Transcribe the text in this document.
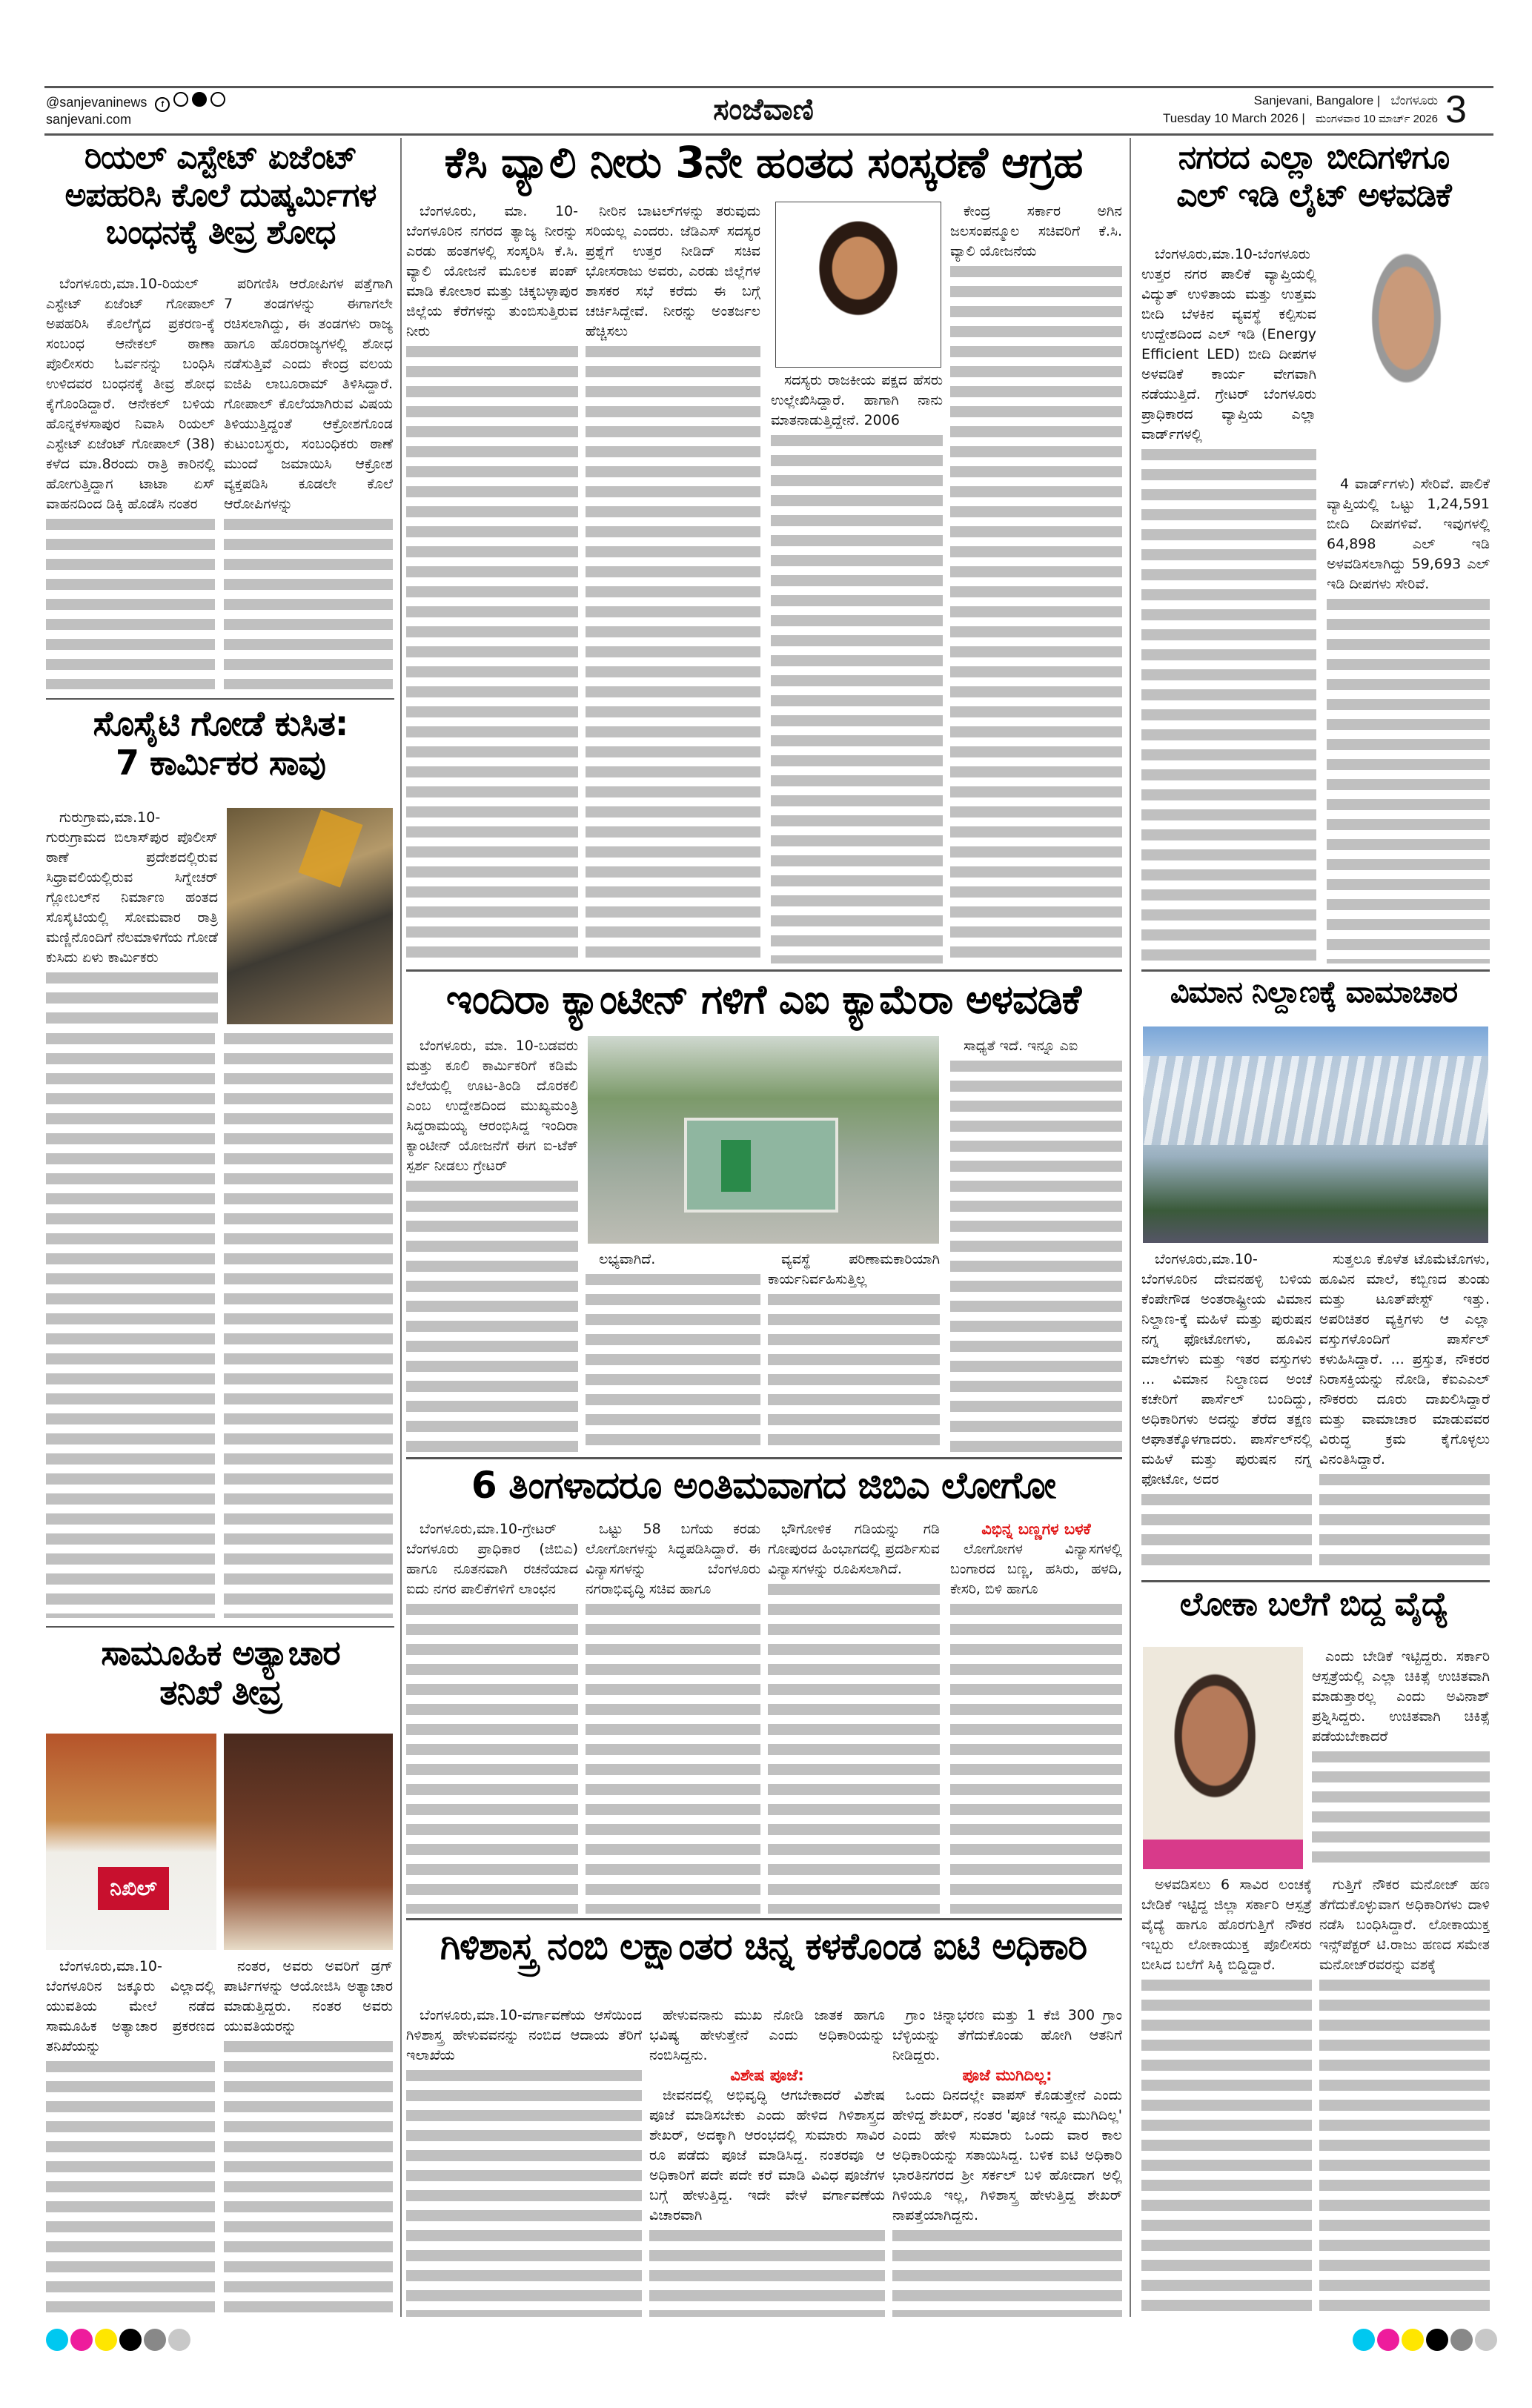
@sanjevaninews f
sanjevani.com	ಸಂಜೆವಾಣಿ	Sanjevani, Bangalore | ಬೆಂಗಳೂರು
Tuesday 10 March 2026 | ಮಂಗಳವಾರ 10 ಮಾರ್ಚ್ 2026 3
ರಿಯಲ್ ಎಸ್ಟೇಟ್ ಏಜೆಂಟ್
ಅಪಹರಿಸಿ ಕೊಲೆ ದುಷ್ಕರ್ಮಿಗಳ
ಬಂಧನಕ್ಕೆ ತೀವ್ರ ಶೋಧ

ಬೆಂಗಳೂರು,ಮಾ.10-ರಿಯಲ್ ಎಸ್ಟೇಟ್ ಏಜೆಂಟ್ ಗೋಪಾಲ್ ಅಪಹರಿಸಿ ಕೊಲೆಗೈದ ಪ್ರಕರಣ-ಕ್ಕೆ ಸಂಬಂಧ ಆನೇಕಲ್ ಠಾಣಾ ಪೊಲೀಸರು ಓರ್ವನನ್ನು ಬಂಧಿಸಿ ಉಳಿದವರ ಬಂಧನಕ್ಕೆ ತೀವ್ರ ಶೋಧ ಕೈಗೊಂಡಿದ್ದಾರೆ. ಆನೇಕಲ್ ಬಳಿಯ ಹೊನ್ನಕಳಸಾಪುರ ನಿವಾಸಿ ರಿಯಲ್ ಎಸ್ಟೇಟ್ ಏಜೆಂಟ್ ಗೋಪಾಲ್ (38) ಕಳೆದ ಮಾ.8ರಂದು ರಾತ್ರಿ ಕಾರಿನಲ್ಲಿ ಹೋಗುತ್ತಿದ್ದಾಗ ಟಾಟಾ ಏಸ್ ವಾಹನದಿಂದ ಡಿಕ್ಕಿ ಹೊಡೆಸಿ ನಂತರ

ಪರಿಗಣಿಸಿ ಆರೋಪಿಗಳ ಪತ್ತೆಗಾಗಿ 7 ತಂಡಗಳನ್ನು ಈಗಾಗಲೇ ರಚಿಸಲಾಗಿದ್ದು, ಈ ತಂಡಗಳು ರಾಜ್ಯ ಹಾಗೂ ಹೊರರಾಜ್ಯಗಳಲ್ಲಿ ಶೋಧ ನಡೆಸುತ್ತಿವೆ ಎಂದು ಕೇಂದ್ರ ವಲಯ ಐಜಿಪಿ ಲಾಬೂರಾಮ್ ತಿಳಿಸಿದ್ದಾರೆ. ಗೋಪಾಲ್ ಕೊಲೆಯಾಗಿರುವ ವಿಷಯ ತಿಳಿಯುತ್ತಿದ್ದಂತೆ ಆಕ್ರೋಶಗೊಂಡ ಕುಟುಂಬಸ್ಥರು, ಸಂಬಂಧಿಕರು ಠಾಣೆ ಮುಂದೆ ಜಮಾಯಿಸಿ ಆಕ್ರೋಶ ವ್ಯಕ್ತಪಡಿಸಿ ಕೂಡಲೇ ಕೊಲೆ ಆರೋಪಿಗಳನ್ನು

ಸೊಸೈಟಿ ಗೋಡೆ ಕುಸಿತ:
7 ಕಾರ್ಮಿಕರ ಸಾವು

ಗುರುಗ್ರಾಮ,ಮಾ.10-ಗುರುಗ್ರಾಮದ ಬಿಲಾಸ್‌ಪುರ ಪೊಲೀಸ್ ಠಾಣೆ ಪ್ರದೇಶದಲ್ಲಿರುವ ಸಿಧ್ರಾವಲಿಯಲ್ಲಿರುವ ಸಿಗ್ನೇಚರ್ ಗ್ಲೋಬಲ್‌ನ ನಿರ್ಮಾಣ ಹಂತದ ಸೊಸೈಟಿಯಲ್ಲಿ ಸೋಮವಾರ ರಾತ್ರಿ ಮಣ್ಣಿನೊಂದಿಗೆ ನೆಲಮಾಳಿಗೆಯ ಗೋಡೆ ಕುಸಿದು ಏಳು ಕಾರ್ಮಿಕರು

ಸಾಮೂಹಿಕ ಅತ್ಯಾಚಾರ
ತನಿಖೆ ತೀವ್ರ
ನಿಖಿಲ್

ಬೆಂಗಳೂರು,ಮಾ.10-ಬೆಂಗಳೂರಿನ ಜಕ್ಕೂರು ವಿಲ್ಲಾದಲ್ಲಿ ಯುವತಿಯ ಮೇಲೆ ನಡೆದ ಸಾಮೂಹಿಕ ಅತ್ಯಾಚಾರ ಪ್ರಕರಣದ ತನಿಖೆಯನ್ನು

ನಂತರ, ಅವರು ಅವರಿಗೆ ಡ್ರಗ್ ಪಾರ್ಟಿಗಳನ್ನು ಆಯೋಜಿಸಿ ಅತ್ಯಾಚಾರ ಮಾಡುತ್ತಿದ್ದರು. ನಂತರ ಅವರು ಯುವತಿಯರನ್ನು

ಕೆಸಿ ವ್ಯಾಲಿ ನೀರು 3ನೇ ಹಂತದ ಸಂಸ್ಕರಣೆ ಆಗ್ರಹ

ಬೆಂಗಳೂರು, ಮಾ. 10- ಬೆಂಗಳೂರಿನ ನಗರದ ತ್ಯಾಜ್ಯ ನೀರನ್ನು ಎರಡು ಹಂತಗಳಲ್ಲಿ ಸಂಸ್ಕರಿಸಿ ಕೆ.ಸಿ. ವ್ಯಾಲಿ ಯೋಜನೆ ಮೂಲಕ ಪಂಪ್ ಮಾಡಿ ಕೋಲಾರ ಮತ್ತು ಚಿಕ್ಕಬಳ್ಳಾಪುರ ಜಿಲ್ಲೆಯ ಕೆರೆಗಳನ್ನು ತುಂಬಿಸುತ್ತಿರುವ ನೀರು

ನೀರಿನ ಬಾಟಲ್‌ಗಳನ್ನು ತರುವುದು ಸರಿಯಲ್ಲ ಎಂದರು. ಜೆಡಿಎಸ್ ಸದಸ್ಯರ ಪ್ರಶ್ನೆಗೆ ಉತ್ತರ ನೀಡಿದ್ ಸಚಿವ ಭೋಸರಾಜು ಅವರು, ಎರಡು ಜಿಲ್ಲೆಗಳ ಶಾಸಕರ ಸಭೆ ಕರೆದು ಈ ಬಗ್ಗೆ ಚರ್ಚಿಸಿದ್ದೇವೆ. ನೀರನ್ನು ಅಂತರ್ಜಲ ಹೆಚ್ಚಿಸಲು

ಸದಸ್ಯರು ರಾಜಕೀಯ ಪಕ್ಷದ ಹೆಸರು ಉಲ್ಲೇಖಿಸಿದ್ದಾರೆ. ಹಾಗಾಗಿ ನಾನು ಮಾತನಾಡುತ್ತಿದ್ದೇನೆ. 2006

ಕೇಂದ್ರ ಸರ್ಕಾರ ಅಗಿನ ಜಲಸಂಪನ್ಮೂಲ ಸಚಿವರಿಗೆ ಕೆ.ಸಿ. ವ್ಯಾಲಿ ಯೋಜನೆಯ

ಇಂದಿರಾ ಕ್ಯಾಂಟೀನ್ ಗಳಿಗೆ ಎಐ ಕ್ಯಾಮೆರಾ ಅಳವಡಿಕೆ

ಬೆಂಗಳೂರು, ಮಾ. 10-ಬಡವರು ಮತ್ತು ಕೂಲಿ ಕಾರ್ಮಿಕರಿಗೆ ಕಡಿಮೆ ಬೆಲೆಯಲ್ಲಿ ಊಟ-ತಿಂಡಿ ದೊರಕಲಿ ಎಂಬ ಉದ್ದೇಶದಿಂದ ಮುಖ್ಯಮಂತ್ರಿ ಸಿದ್ದರಾಮಯ್ಯ ಆರಂಭಿಸಿದ್ದ ಇಂದಿರಾ ಕ್ಯಾಂಟೀನ್ ಯೋಜನೆಗೆ ಈಗ ಐ-ಟೆಕ್ ಸ್ಪರ್ಶ ನೀಡಲು ಗ್ರೇಟರ್

ಲಭ್ಯವಾಗಿದೆ.	ವ್ಯವಸ್ಥೆ ಪರಿಣಾಮಕಾರಿಯಾಗಿ ಕಾರ್ಯನಿರ್ವಹಿಸುತ್ತಿಲ್ಲ

ಸಾಧ್ಯತೆ ಇದೆ. ಇನ್ನೂ ಎಐ

6 ತಿಂಗಳಾದರೂ ಅಂತಿಮವಾಗದ ಜಿಬಿಎ ಲೋಗೋ

ಬೆಂಗಳೂರು,ಮಾ.10-ಗ್ರೇಟರ್ ಬೆಂಗಳೂರು ಪ್ರಾಧಿಕಾರ (ಜಿಬಿಎ) ಹಾಗೂ ನೂತನವಾಗಿ ರಚನೆಯಾದ ಐದು ನಗರ ಪಾಲಿಕೆಗಳಿಗೆ ಲಾಂಛನ

ಒಟ್ಟು 58 ಬಗೆಯ ಕರಡು ಲೋಗೋಗಳನ್ನು ಸಿದ್ಧಪಡಿಸಿದ್ದಾರೆ. ಈ ವಿನ್ಯಾಸಗಳನ್ನು ಬೆಂಗಳೂರು ನಗರಾಭಿವೃದ್ಧಿ ಸಚಿವ ಹಾಗೂ

ಭೌಗೋಳಿಕ ಗಡಿಯನ್ನು ಗಡಿ ಗೋಪುರದ ಹಿಂಭಾಗದಲ್ಲಿ ಪ್ರದರ್ಶಿಸುವ ವಿನ್ಯಾಸಗಳನ್ನು ರೂಪಿಸಲಾಗಿದೆ.

ವಿಭಿನ್ನ ಬಣ್ಣಗಳ ಬಳಕೆ

ಲೋಗೋಗಳ ವಿನ್ಯಾಸಗಳಲ್ಲಿ ಬಂಗಾರದ ಬಣ್ಣ, ಹಸಿರು, ಹಳದಿ, ಕೇಸರಿ, ಬಿಳಿ ಹಾಗೂ

ಗಿಳಿಶಾಸ್ತ್ರ ನಂಬಿ ಲಕ್ಷಾಂತರ ಚಿನ್ನ ಕಳಕೊಂಡ ಐಟಿ ಅಧಿಕಾರಿ

ಬೆಂಗಳೂರು,ಮಾ.10-ವರ್ಗಾವಣೆಯ ಆಸೆಯಿಂದ ಗಿಳಿಶಾಸ್ತ್ರ ಹೇಳುವವನನ್ನು ನಂಬಿದ ಆದಾಯ ತೆರಿಗೆ ಇಲಾಖೆಯ

ಹೇಳುವನಾನು ಮುಖ ನೋಡಿ ಜಾತಕ ಹಾಗೂ ಭವಿಷ್ಯ ಹೇಳುತ್ತೇನೆ ಎಂದು ಅಧಿಕಾರಿಯನ್ನು ನಂಬಿಸಿದ್ದನು.

ವಿಶೇಷ ಪೂಜೆ:

ಜೀವನದಲ್ಲಿ ಅಭಿವೃದ್ಧಿ ಆಗಬೇಕಾದರೆ ವಿಶೇಷ ಪೂಜೆ ಮಾಡಿಸಬೇಕು ಎಂದು ಹೇಳಿದ ಗಿಳಿಶಾಸ್ತ್ರದ ಶೇಖರ್, ಅದಕ್ಕಾಗಿ ಆರಂಭದಲ್ಲಿ ಸುಮಾರು ಸಾವಿರ ರೂ ಪಡೆದು ಪೂಜೆ ಮಾಡಿಸಿದ್ದ. ನಂತರವೂ ಆ ಅಧಿಕಾರಿಗೆ ಪದೇ ಪದೇ ಕರೆ ಮಾಡಿ ವಿವಿಧ ಪೂಜೆಗಳ ಬಗ್ಗೆ ಹೇಳುತ್ತಿದ್ದ. ಇದೇ ವೇಳೆ ವರ್ಗಾವಣೆಯ ವಿಚಾರವಾಗಿ

ಗ್ರಾಂ ಚಿನ್ನಾಭರಣ ಮತ್ತು 1 ಕೆಜಿ 300 ಗ್ರಾಂ ಬೆಳ್ಳಿಯನ್ನು ತೆಗೆದುಕೊಂಡು ಹೋಗಿ ಆತನಿಗೆ ನೀಡಿದ್ದರು.

ಪೂಜೆ ಮುಗಿದಿಲ್ಲ:

ಒಂದು ದಿನದಲ್ಲೇ ವಾಪಸ್ ಕೊಡುತ್ತೇನೆ ಎಂದು ಹೇಳಿದ್ದ ಶೇಖರ್, ನಂತರ 'ಪೂಜೆ ಇನ್ನೂ ಮುಗಿದಿಲ್ಲ' ಎಂದು ಹೇಳಿ ಸುಮಾರು ಒಂದು ವಾರ ಕಾಲ ಅಧಿಕಾರಿಯನ್ನು ಸತಾಯಿಸಿದ್ದ. ಬಳಿಕ ಐಟಿ ಅಧಿಕಾರಿ ಭಾರತಿನಗರದ ಶ್ರೀ ಸರ್ಕಲ್ ಬಳಿ ಹೋದಾಗ ಅಲ್ಲಿ ಗಿಳಿಯೂ ಇಲ್ಲ, ಗಿಳಿಶಾಸ್ತ್ರ ಹೇಳುತ್ತಿದ್ದ ಶೇಖರ್ ನಾಪತ್ತೆಯಾಗಿದ್ದನು.

ನಗರದ ಎಲ್ಲಾ ಬೀದಿಗಳಿಗೂ
ಎಲ್ ಇಡಿ ಲೈಟ್ ಅಳವಡಿಕೆ

ಬೆಂಗಳೂರು,ಮಾ.10-ಬೆಂಗಳೂರು ಉತ್ತರ ನಗರ ಪಾಲಿಕೆ ವ್ಯಾಪ್ತಿಯಲ್ಲಿ ವಿದ್ಯುತ್ ಉಳಿತಾಯ ಮತ್ತು ಉತ್ತಮ ಬೀದಿ ಬೆಳಕಿನ ವ್ಯವಸ್ಥೆ ಕಲ್ಪಿಸುವ ಉದ್ದೇಶದಿಂದ ಎಲ್ ಇಡಿ (Energy Efficient LED) ಬೀದಿ ದೀಪಗಳ ಅಳವಡಿಕೆ ಕಾರ್ಯ ವೇಗವಾಗಿ ನಡೆಯುತ್ತಿದೆ. ಗ್ರೇಟರ್ ಬೆಂಗಳೂರು ಪ್ರಾಧಿಕಾರದ ವ್ಯಾಪ್ತಿಯ ಎಲ್ಲಾ ವಾರ್ಡ್‌ಗಳಲ್ಲಿ

4 ವಾರ್ಡ್‌ಗಳು) ಸೇರಿವೆ. ಪಾಲಿಕೆ ವ್ಯಾಪ್ತಿಯಲ್ಲಿ ಒಟ್ಟು 1,24,591 ಬೀದಿ ದೀಪಗಳಿವೆ. ಇವುಗಳಲ್ಲಿ 64,898 ಎಲ್ ಇಡಿ ಅಳವಡಿಸಲಾಗಿದ್ದು 59,693 ಎಲ್ ಇಡಿ ದೀಪಗಳು ಸೇರಿವೆ.

ವಿಮಾನ ನಿಲ್ದಾಣಕ್ಕೆ ವಾಮಾಚಾರ

ಬೆಂಗಳೂರು,ಮಾ.10-ಬೆಂಗಳೂರಿನ ದೇವನಹಳ್ಳಿ ಬಳಿಯ ಕೆಂಪೇಗೌಡ ಅಂತರಾಷ್ಟ್ರೀಯ ವಿಮಾನ ನಿಲ್ದಾಣ-ಕ್ಕೆ ಮಹಿಳೆ ಮತ್ತು ಪುರುಷನ ನಗ್ನ ಫೋಟೋಗಳು, ಹೂವಿನ ಮಾಲೆಗಳು ಮತ್ತು ಇತರ ವಸ್ತುಗಳು ... ವಿಮಾನ ನಿಲ್ದಾಣದ ಅಂಚೆ ಕಚೇರಿಗೆ ಪಾರ್ಸೆಲ್ ಬಂದಿದ್ದು, ಅಧಿಕಾರಿಗಳು ಅದನ್ನು ತೆರೆದ ತಕ್ಷಣ ಆಘಾತಕ್ಕೊಳಗಾದರು. ಪಾರ್ಸೆಲ್‌ನಲ್ಲಿ ಮಹಿಳೆ ಮತ್ತು ಪುರುಷನ ನಗ್ನ ಫೋಟೋ, ಅದರ

ಸುತ್ತಲೂ ಕೊಳೆತ ಟೊಮೆಟೊಗಳು, ಹೂವಿನ ಮಾಲೆ, ಕಬ್ಬಿಣದ ತುಂಡು ಮತ್ತು ಟೂತ್‌ಪೇಸ್ಟ್ ಇತ್ತು. ಅಪರಿಚಿತರ ವ್ಯಕ್ತಿಗಳು ಆ ಎಲ್ಲಾ ವಸ್ತುಗಳೊಂದಿಗೆ ಪಾರ್ಸೆಲ್ ಕಳುಹಿಸಿದ್ದಾರೆ. ... ಪ್ರಸ್ತುತ, ನೌಕರರ ನಿರಾಸಕ್ತಿಯನ್ನು ನೋಡಿ, ಕೆಐಎಎಲ್ ನೌಕರರು ದೂರು ದಾಖಲಿಸಿದ್ದಾರೆ ಮತ್ತು ವಾಮಾಚಾರ ಮಾಡುವವರ ವಿರುದ್ಧ ಕ್ರಮ ಕೈಗೊಳ್ಳಲು ವಿನಂತಿಸಿದ್ದಾರೆ.

ಲೋಕಾ ಬಲೆಗೆ ಬಿದ್ದ ವೈದ್ಯೆ

ಎಂದು ಬೇಡಿಕೆ ಇಟ್ಟಿದ್ದರು. ಸರ್ಕಾರಿ ಆಸ್ಪತ್ರೆಯಲ್ಲಿ ಎಲ್ಲಾ ಚಿಕಿತ್ಸೆ ಉಚಿತವಾಗಿ ಮಾಡುತ್ತಾರಲ್ಲ ಎಂದು ಅವಿನಾಶ್ ಪ್ರಶ್ನಿಸಿದ್ದರು. ಉಚಿತವಾಗಿ ಚಿಕಿತ್ಸೆ ಪಡೆಯಬೇಕಾದರೆ

ಅಳವಡಿಸಲು 6 ಸಾವಿರ ಲಂಚಕ್ಕೆ ಬೇಡಿಕೆ ಇಟ್ಟಿದ್ದ ಜಿಲ್ಲಾ ಸರ್ಕಾರಿ ಆಸ್ಪತ್ರೆ ವೈದ್ಯೆ ಹಾಗೂ ಹೊರಗುತ್ತಿಗೆ ನೌಕರ ಇಬ್ಬರು ಲೋಕಾಯುಕ್ತ ಪೊಲೀಸರು ಬೀಸಿದ ಬಲೆಗೆ ಸಿಕ್ಕಿ ಬಿದ್ದಿದ್ದಾರೆ.

ಗುತ್ತಿಗೆ ನೌಕರ ಮನೋಜ್ ಹಣ ತೆಗೆದುಕೊಳ್ಳುವಾಗ ಅಧಿಕಾರಿಗಳು ದಾಳಿ ನಡೆಸಿ ಬಂಧಿಸಿದ್ದಾರೆ. ಲೋಕಾಯುಕ್ತ ಇನ್ಸ್‌ಪೆಕ್ಟರ್ ಟಿ.ರಾಜು ಹಣದ ಸಮೇತ ಮನೋಜ್‌ರವರನ್ನು ವಶಕ್ಕೆ
